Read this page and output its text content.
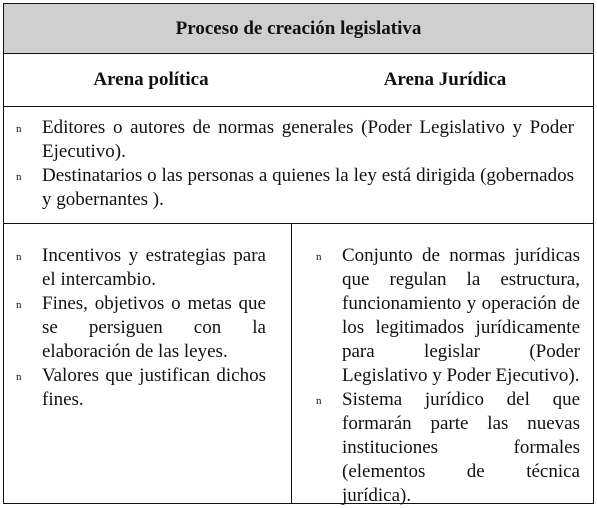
Proceso de creación legislativa
Arena política	Arena Jurídica
n Editores o autores de normas generales (Poder Legislativo y Poder Ejecutivo).
n Destinatarios o las personas a quienes la ley está dirigida (gobernados y gobernantes ).
n Incentivos y estrategias para el intercambio.
n Fines, objetivos o metas que se persiguen con la elaboración de las leyes.
n Valores que justifican dichos fines.
n Conjunto de normas jurídicas que regulan la estructura, funcionamiento y operación de los legitimados jurídicamente para legislar (Poder Legislativo y Poder Ejecutivo).
n Sistema jurídico del que formarán parte las nuevas instituciones formales (elementos de técnica jurídica).
